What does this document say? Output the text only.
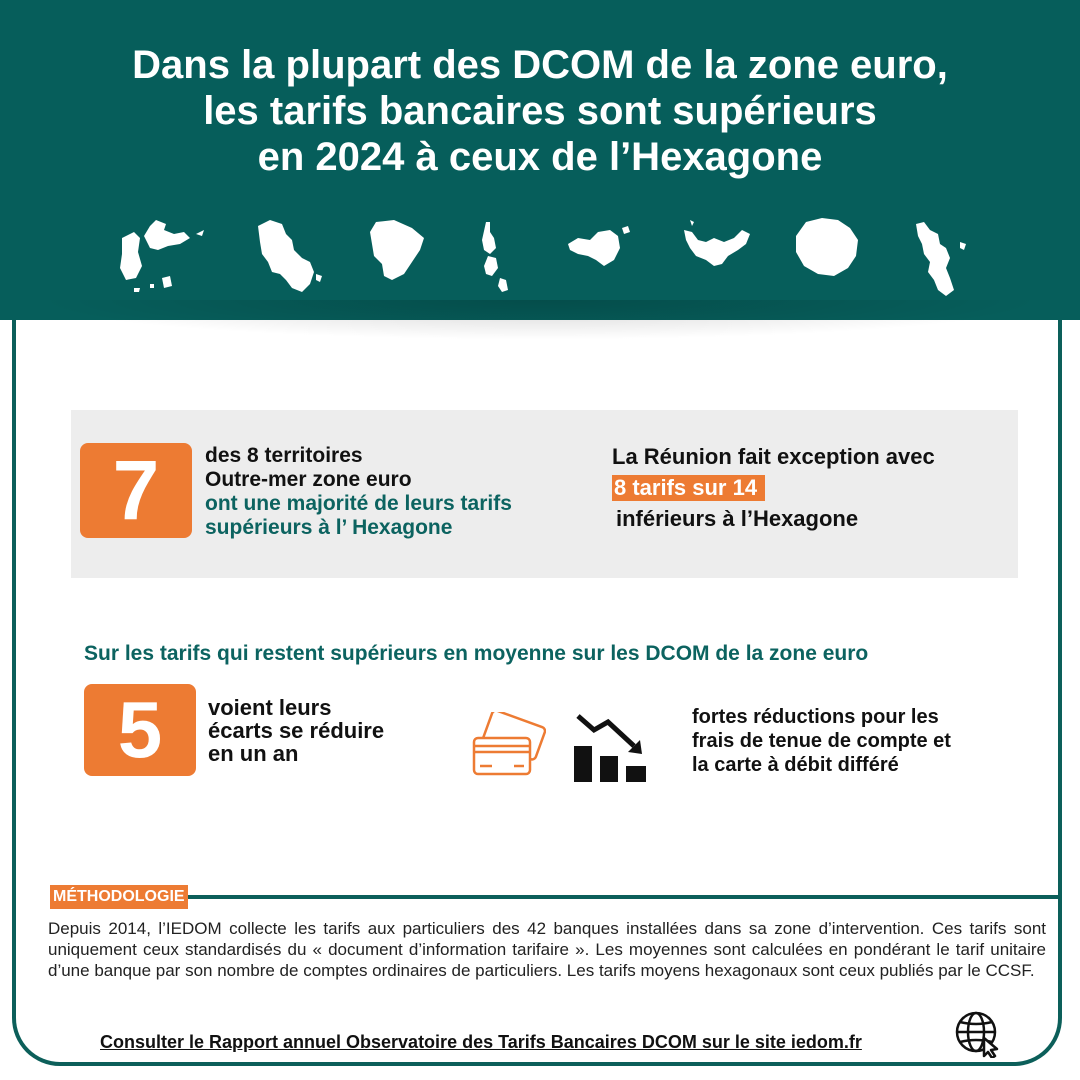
Dans la plupart des DCOM de la zone euro,
les tarifs bancaires sont supérieurs
en 2024 à ceux de l’Hexagone
7	des 8 territoires
Outre-mer zone euro
ont une majorité de leurs tarifs
supérieurs à l’ Hexagone
La Réunion fait exception avec
8 tarifs sur 14
inférieurs à l’Hexagone
Sur les tarifs qui restent supérieurs en moyenne sur les DCOM de la zone euro
5	voient leurs
écarts se réduire
en un an
fortes réductions pour les
frais de tenue de compte et
la carte à débit différé
MÉTHODOLOGIE
Depuis 2014, l’IEDOM collecte les tarifs aux particuliers des 42 banques installées dans sa zone d’intervention. Ces tarifs sont uniquement ceux standardisés du « document d’information tarifaire ». Les moyennes sont calculées en pondérant le tarif unitaire d’une banque par son nombre de comptes ordinaires de particuliers. Les tarifs moyens hexagonaux sont ceux publiés par le CCSF.
Consulter le Rapport annuel Observatoire des Tarifs Bancaires DCOM sur le site iedom.fr
